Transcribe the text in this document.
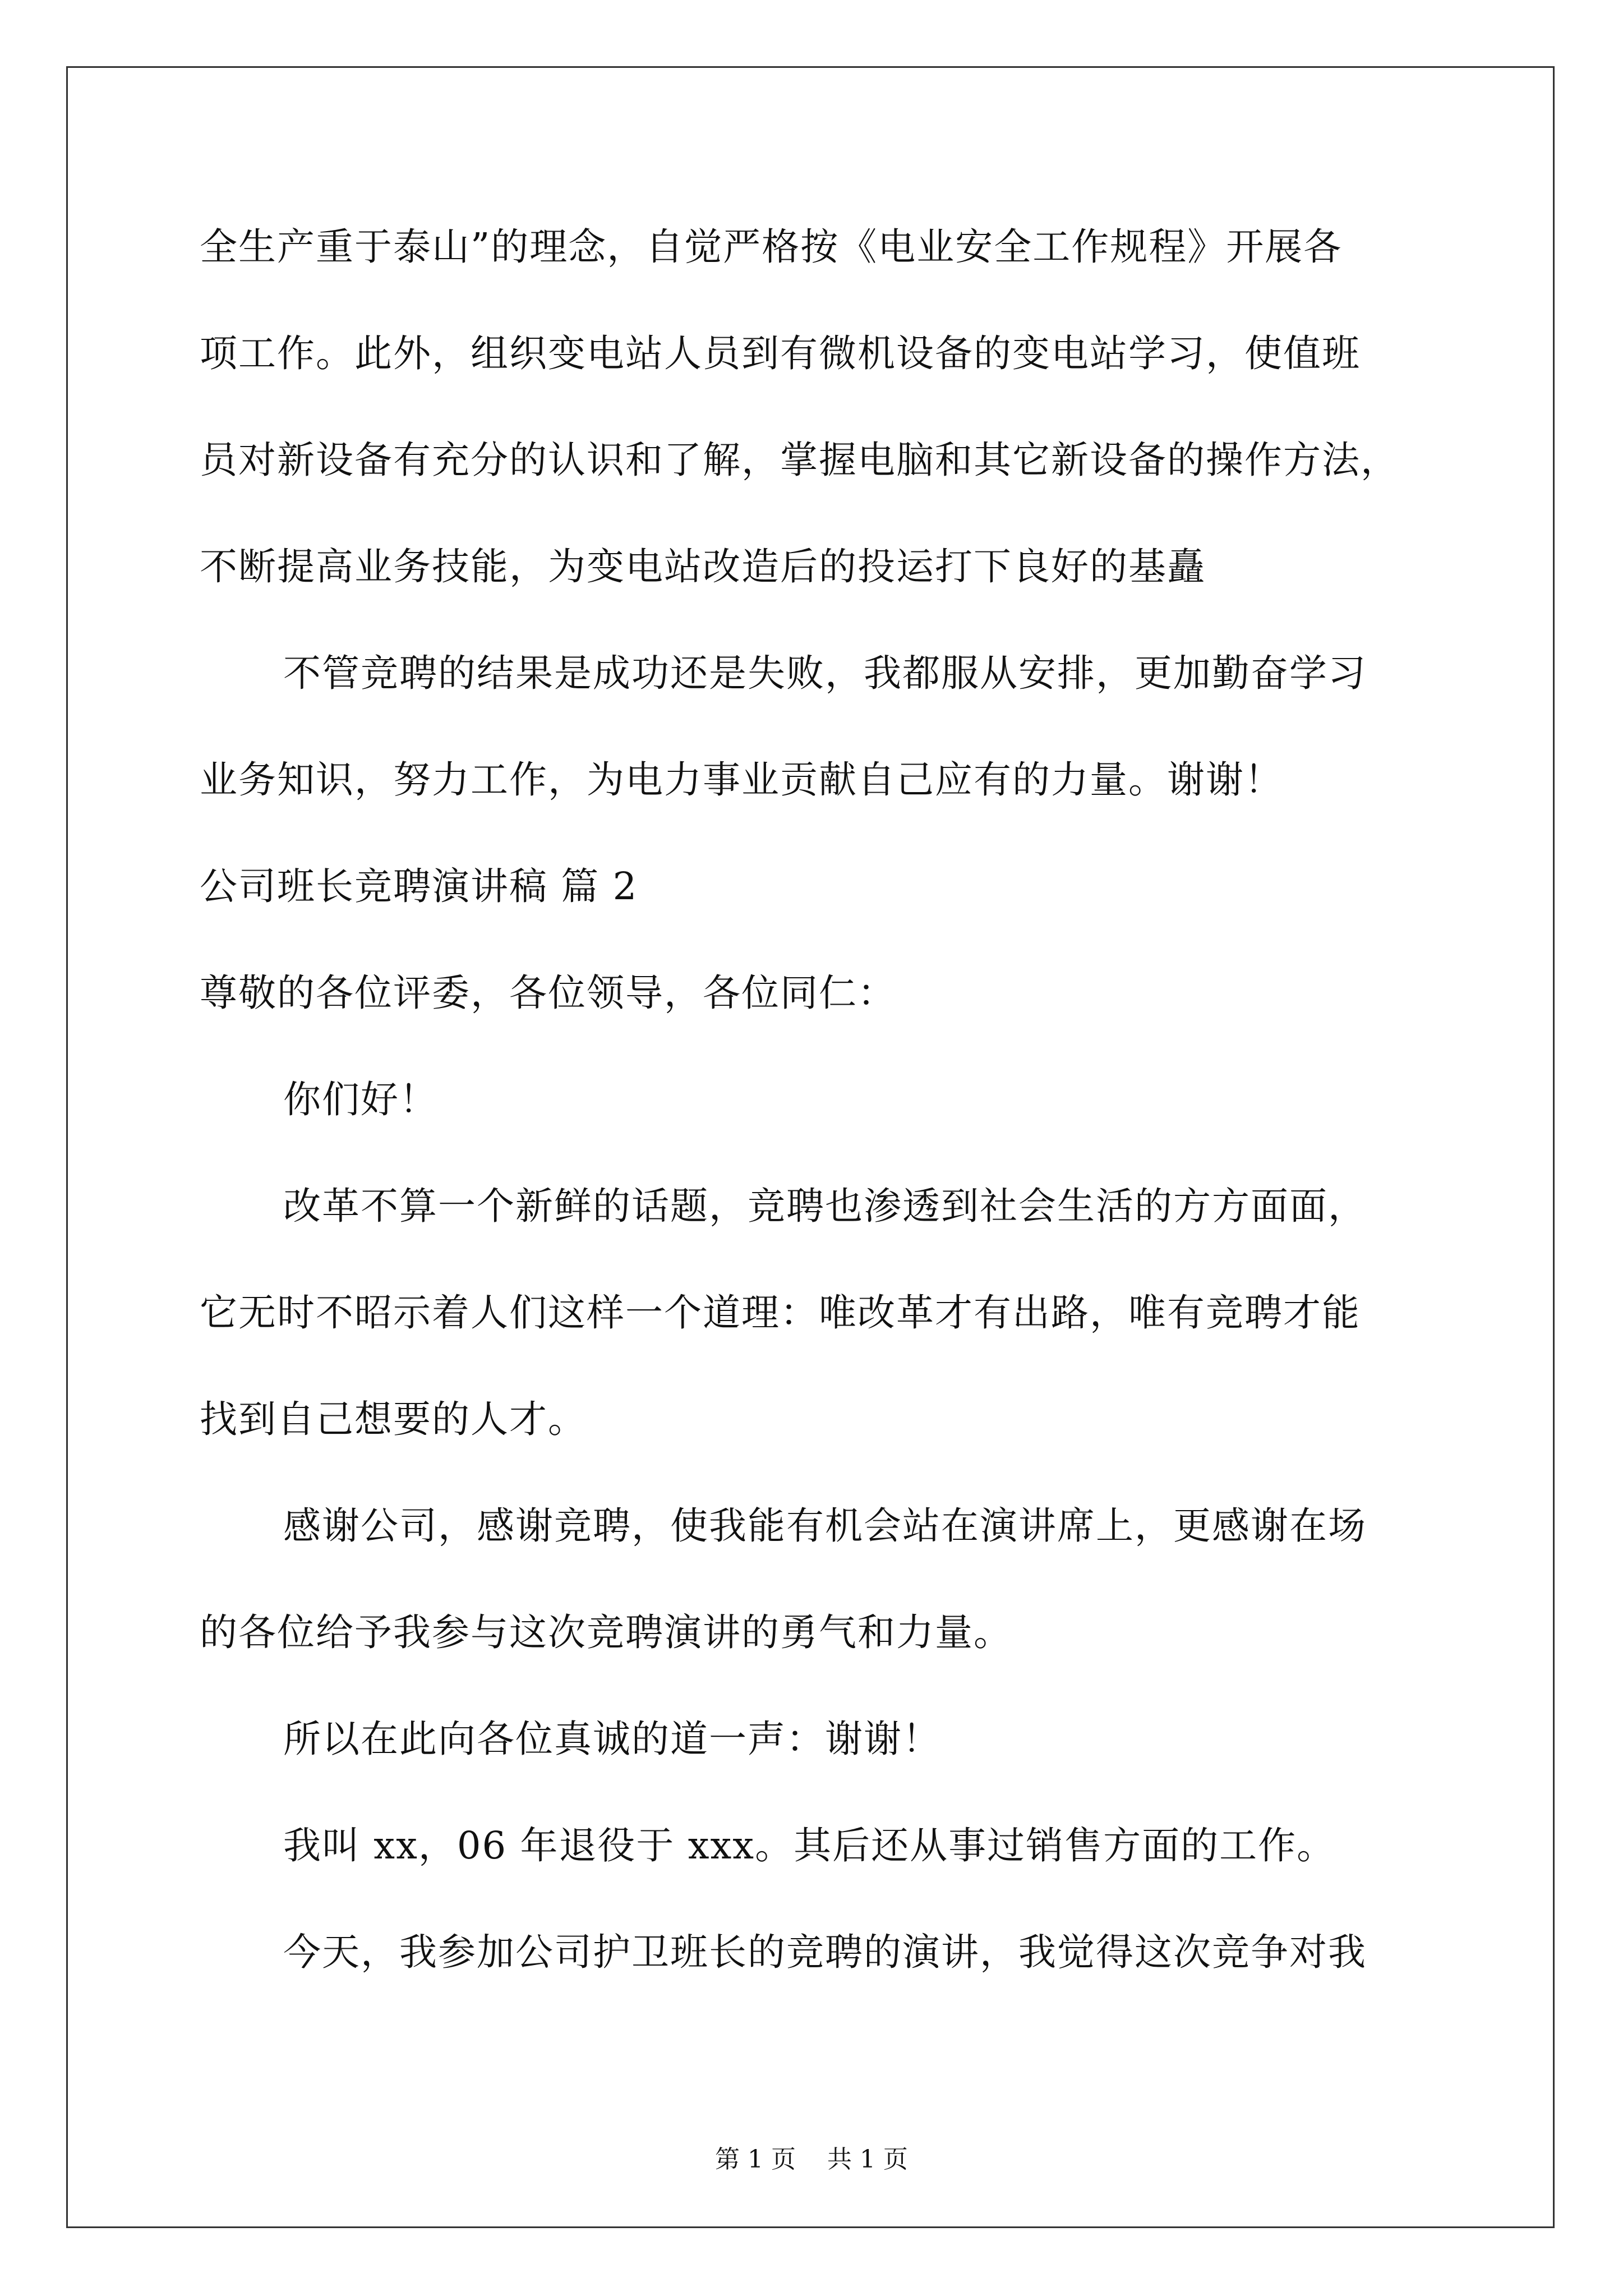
全生产重于泰山”的理念，自觉严格按《电业安全工作规程》开展各
项工作。此外，组织变电站人员到有微机设备的变电站学习，使值班
员对新设备有充分的认识和了解，掌握电脑和其它新设备的操作方法，
不断提高业务技能，为变电站改造后的投运打下良好的基矗
不管竞聘的结果是成功还是失败，我都服从安排，更加勤奋学习
业务知识，努力工作，为电力事业贡献自己应有的力量。谢谢！
公司班长竞聘演讲稿 篇 2
尊敬的各位评委，各位领导，各位同仁：
你们好！
改革不算一个新鲜的话题，竞聘也渗透到社会生活的方方面面，
它无时不昭示着人们这样一个道理：唯改革才有出路，唯有竞聘才能
找到自己想要的人才。
感谢公司，感谢竞聘，使我能有机会站在演讲席上，更感谢在场
的各位给予我参与这次竞聘演讲的勇气和力量。
所以在此向各位真诚的道一声：谢谢！
我叫 xx，06 年退役于 xxx。其后还从事过销售方面的工作。
今天，我参加公司护卫班长的竞聘的演讲，我觉得这次竞争对我
第 1 页    共 1 页
